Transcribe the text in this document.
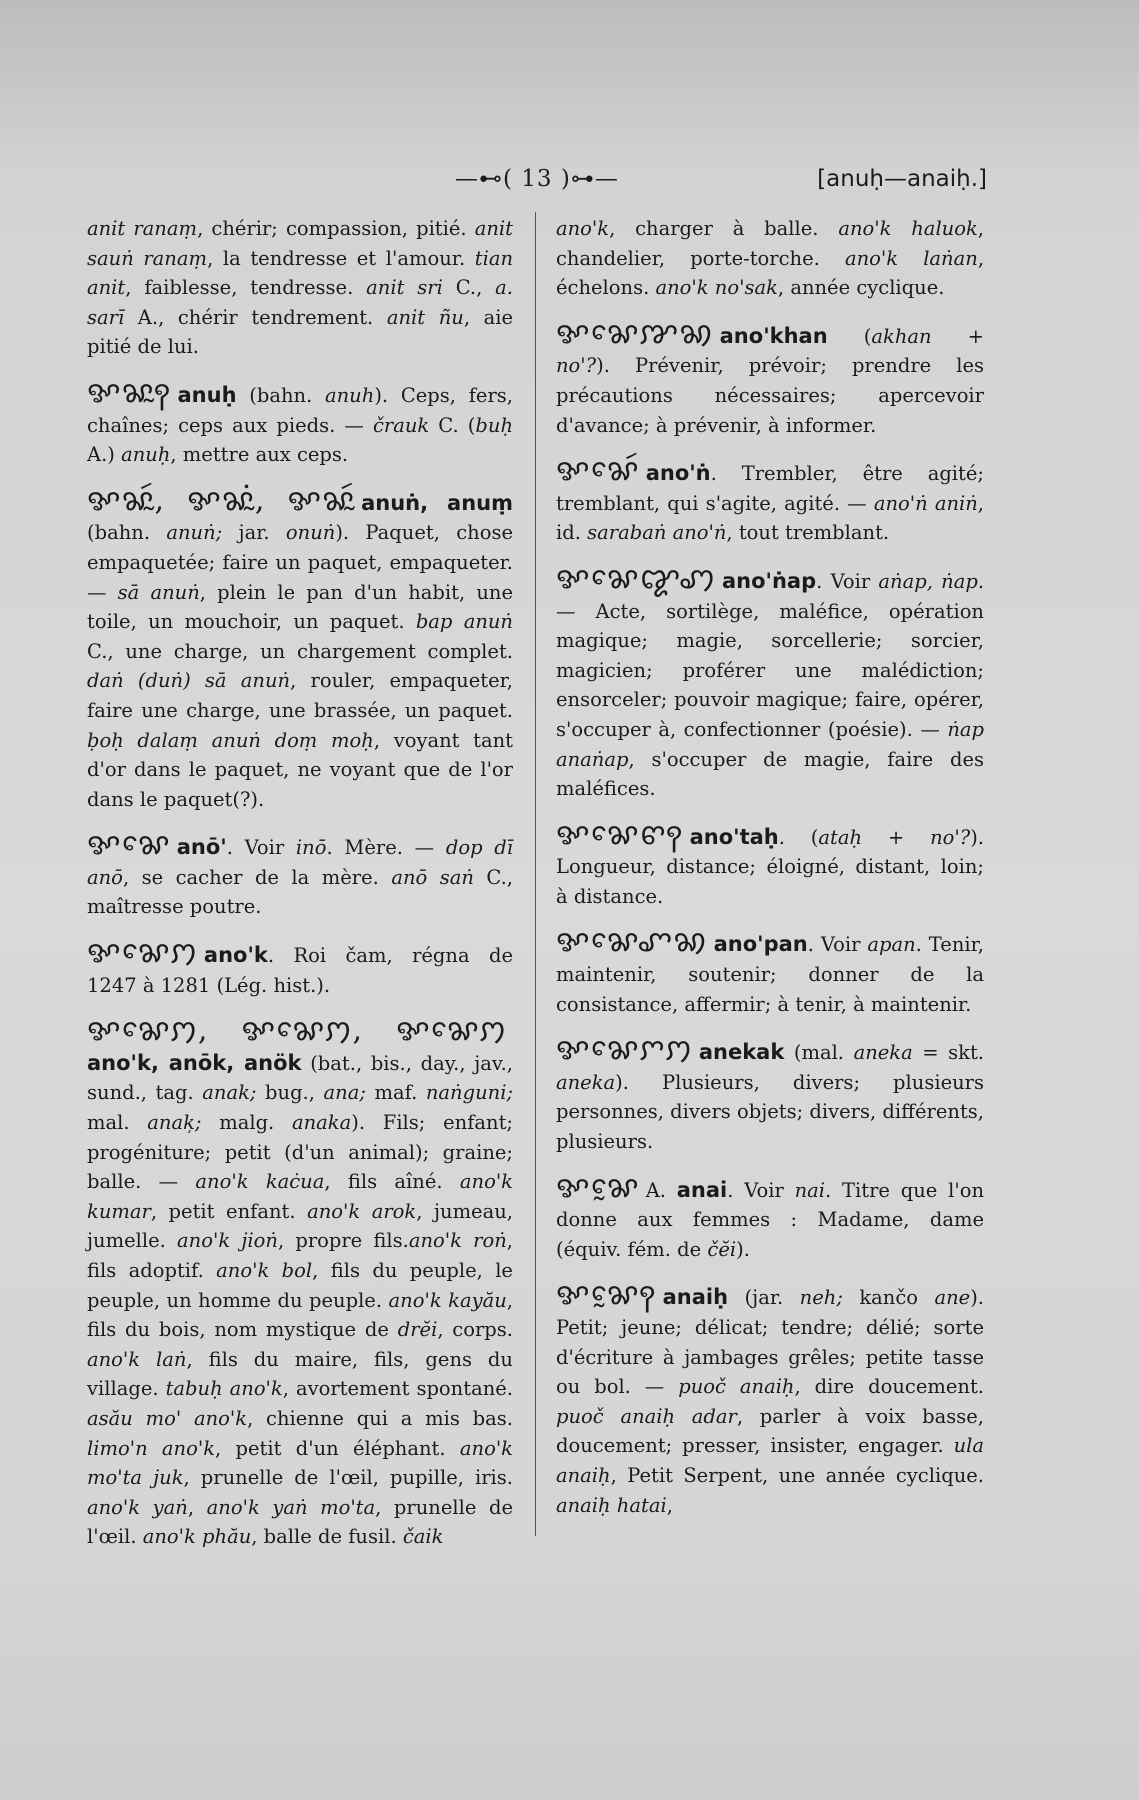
—⊷( 13 )⊶—	[anuḥ—anaiḥ.]

anit ranaṃ, chérir; compassion, pitié. anit sauṅ ranaṃ, la tendresse et l'amour. tian anit, faiblesse, tendresse. anit sri C., a. sarī A., chérir tendrement. anit ñu, aie pitié de lui.

ꨀꨗꨭꩍ anuḥ (bahn. anuh). Ceps, fers, chaînes; ceps aux pieds. — črauk C. (buḥ A.) anuḥ, mettre aux ceps.

ꨀꨗꨭꩃ, ꨀꨗꨭꩌ, ꨀꨗꨭꩃ anuṅ, anuṃ (bahn. anuṅ; jar. onuṅ). Paquet, chose empaquetée; faire un paquet, empaqueter. — sā anuṅ, plein le pan d'un habit, une toile, un mouchoir, un paquet. bap anuṅ C., une charge, un chargement complet. daṅ (duṅ) sā anuṅ, rouler, empaqueter, faire une charge, une brassée, un paquet. ḅoḥ dalaṃ anuṅ doṃ moḥ, voyant tant d'or dans le paquet, ne voyant que de l'or dans le paquet(?).

ꨀꨗꨯ anō'. Voir inō. Mère. — dop dī anō, se cacher de la mère. anō saṅ C., maîtresse poutre.

ꨀꨗꨯꩀ ano'k. Roi čam, régna de 1247 à 1281 (Lég. hist.).

ꨀꨗꨯꩀ, ꨀꨗꨯꩀ, ꨀꨗꨯꩀano'k, anōk, anök (bat., bis., day., jav., sund., tag. anak; bug., ana; maf. naṅguni; mal. anaķ; malg. anaka). Fils; enfant; progéniture; petit (d'un animal); graine; balle. — ano'k kaċua, fils aîné. ano'k kumar, petit enfant. ano'k arok, jumeau, jumelle. ano'k jioṅ, propre fils.ano'k roṅ, fils adoptif. ano'k bol, fils du peuple, le peuple, un homme du peuple. ano'k kayău, fils du bois, nom mystique de drĕi, corps. ano'k laṅ, fils du maire, fils, gens du village. tabuḥ ano'k, avortement spontané. asău mo' ano'k, chienne qui a mis bas. limo'n ano'k, petit d'un éléphant. ano'k mo'ta juk, prunelle de l'œil, pupille, iris. ano'k yaṅ, ano'k yaṅ mo'ta, prunelle de l'œil. ano'k phău, balle de fusil. čaik

ano'k, charger à balle. ano'k haluok, chandelier, porte-torche. ano'k laṅan, échelons. ano'k no'sak, année cyclique.

ꨀꨗꨯꨇꩆ ano'khan (akhan + no'?). Prévenir, prévoir; prendre les précautions nécessaires; apercevoir d'avance; à prévenir, à informer.

ꨀꨗꨯꩃ ano'ṅ. Trembler, être agité; tremblant, qui s'agite, agité. — ano'ṅ aniṅ, id. sarabaṅ ano'ṅ, tout tremblant.

ꨀꨗꨯꨑꩇ ano'ṅap. Voir aṅap, ṅap. — Acte, sortilège, maléfice, opération magique; magie, sorcellerie; sorcier, magicien; proférer une malédiction; ensorceler; pouvoir magique; faire, opérer, s'occuper à, confectionner (poésie). — ṅap anaṅap, s'occuper de magie, faire des maléfices.

ꨀꨗꨯꨓꩍ ano'taḥ. (ataḥ + no'?). Longueur, distance; éloigné, distant, loin; à distance.

ꨀꨗꨯꨚꩆ ano'pan. Voir apan. Tenir, maintenir, soutenir; donner de la consistance, affermir; à tenir, à maintenir.

ꨀꨗꨯꨆꩀ anekak (mal. aneka = skt. aneka). Plusieurs, divers; plusieurs personnes, divers objets; divers, différents, plusieurs.

ꨀꨗꨰ A. anai. Voir nai. Titre que l'on donne aux femmes : Madame, dame (équiv. fém. de čĕi).

ꨀꨗꨰꩍ anaiḥ (jar. neh; kančo ane). Petit; jeune; délicat; tendre; délié; sorte d'écriture à jambages grêles; petite tasse ou bol. — puoč anaiḥ, dire doucement. puoč anaiḥ adar, parler à voix basse, doucement; presser, insister, engager. ula anaiḥ, Petit Serpent, une année cyclique. anaiḥ hatai,
